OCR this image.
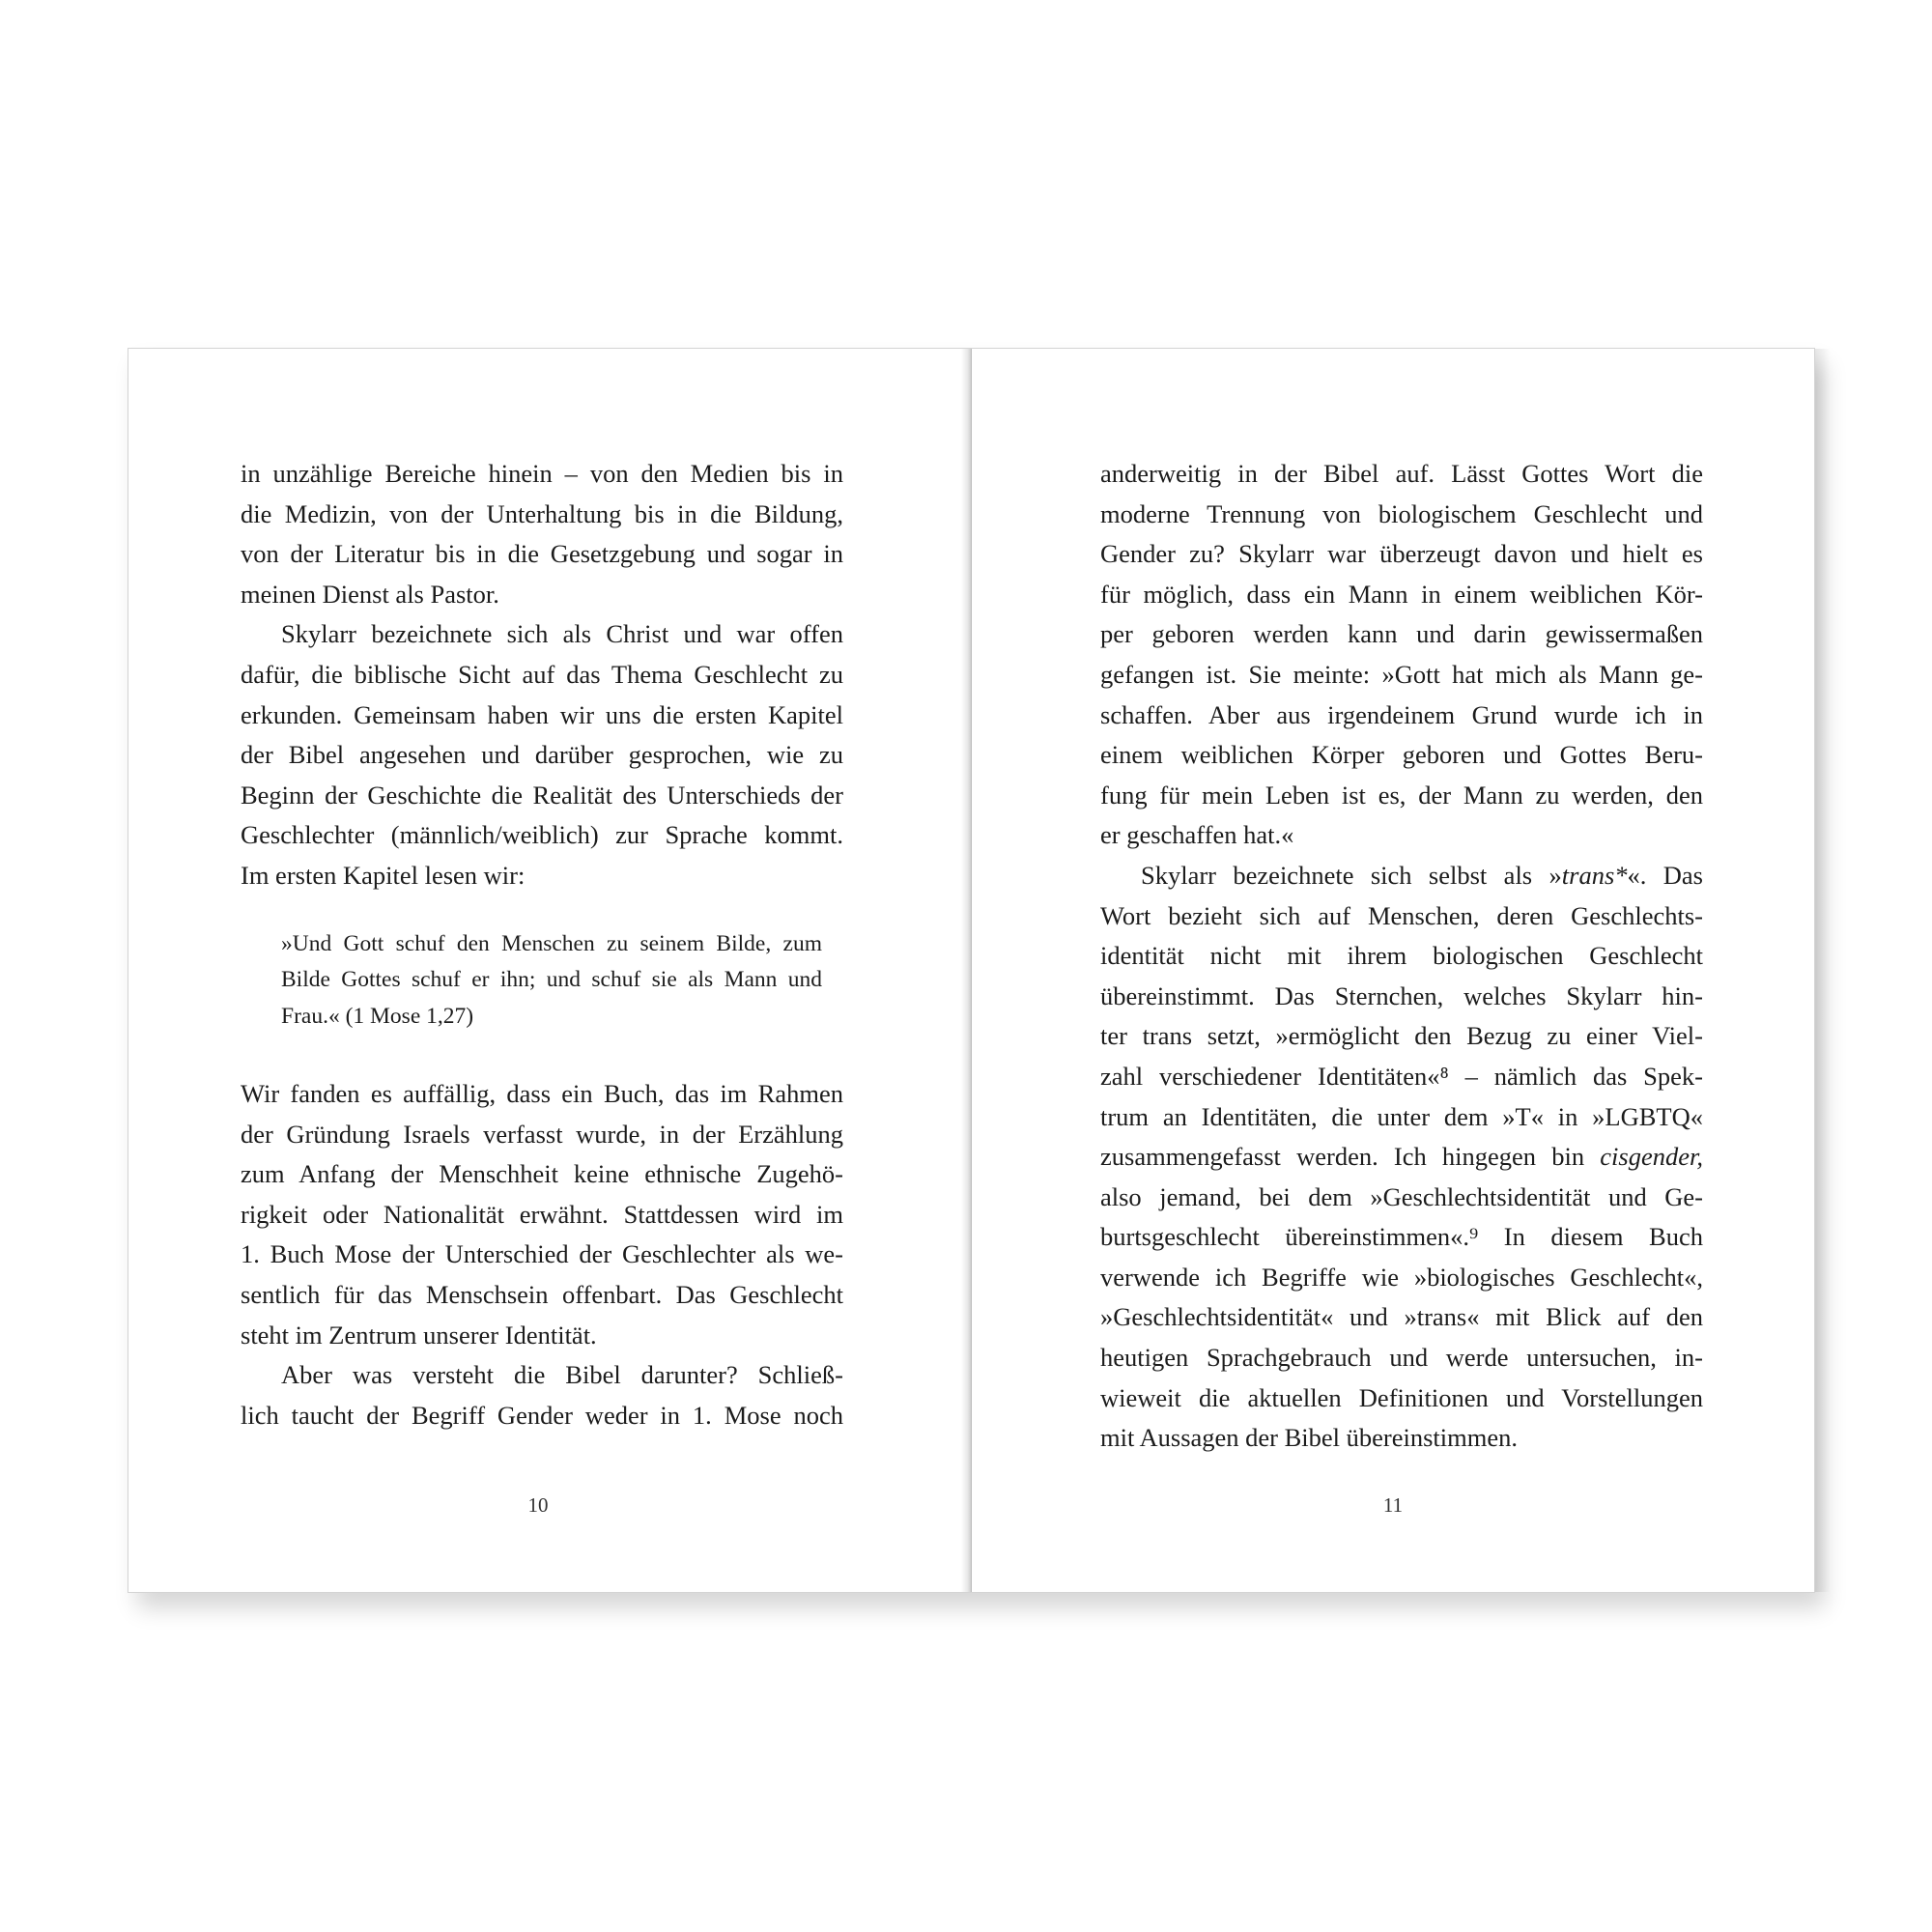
in unzählige Bereiche hinein – von den Medien bis in
die Medizin, von der Unterhaltung bis in die Bildung,
von der Literatur bis in die Gesetzgebung und sogar in
meinen Dienst als Pastor.
Skylarr bezeichnete sich als Christ und war offen
dafür, die biblische Sicht auf das Thema Geschlecht zu
erkunden. Gemeinsam haben wir uns die ersten Kapitel
der Bibel angesehen und darüber gesprochen, wie zu
Beginn der Geschichte die Realität des Unterschieds der
Geschlechter (männlich/weiblich) zur Sprache kommt.
Im ersten Kapitel lesen wir:
»Und Gott schuf den Menschen zu seinem Bilde, zum
Bilde Gottes schuf er ihn; und schuf sie als Mann und
Frau.« (1 Mose 1,27)
Wir fanden es auffällig, dass ein Buch, das im Rahmen
der Gründung Israels verfasst wurde, in der Erzählung
zum Anfang der Menschheit keine ethnische Zugehö-
rigkeit oder Nationalität erwähnt. Stattdessen wird im
1. Buch Mose der Unterschied der Geschlechter als we-
sentlich für das Menschsein offenbart. Das Geschlecht
steht im Zentrum unserer Identität.
Aber was versteht die Bibel darunter? Schließ-
lich taucht der Begriff Gender weder in 1. Mose noch
10
anderweitig in der Bibel auf. Lässt Gottes Wort die
moderne Trennung von biologischem Geschlecht und
Gender zu? Skylarr war überzeugt davon und hielt es
für möglich, dass ein Mann in einem weiblichen Kör-
per geboren werden kann und darin gewissermaßen
gefangen ist. Sie meinte: »Gott hat mich als Mann ge-
schaffen. Aber aus irgendeinem Grund wurde ich in
einem weiblichen Körper geboren und Gottes Beru-
fung für mein Leben ist es, der Mann zu werden, den
er geschaffen hat.«
Skylarr bezeichnete sich selbst als »trans*«. Das
Wort bezieht sich auf Menschen, deren Geschlechts-
identität nicht mit ihrem biologischen Geschlecht
übereinstimmt. Das Sternchen, welches Skylarr hin-
ter trans setzt, »ermöglicht den Bezug zu einer Viel-
zahl verschiedener Identitäten«⁸ – nämlich das Spek-
trum an Identitäten, die unter dem »T« in »LGBTQ«
zusammengefasst werden. Ich hingegen bin cisgender,
also jemand, bei dem »Geschlechtsidentität und Ge-
burtsgeschlecht übereinstimmen«.⁹ In diesem Buch
verwende ich Begriffe wie »biologisches Geschlecht«,
»Geschlechtsidentität« und »trans« mit Blick auf den
heutigen Sprachgebrauch und werde untersuchen, in-
wieweit die aktuellen Definitionen und Vorstellungen
mit Aussagen der Bibel übereinstimmen.
11
